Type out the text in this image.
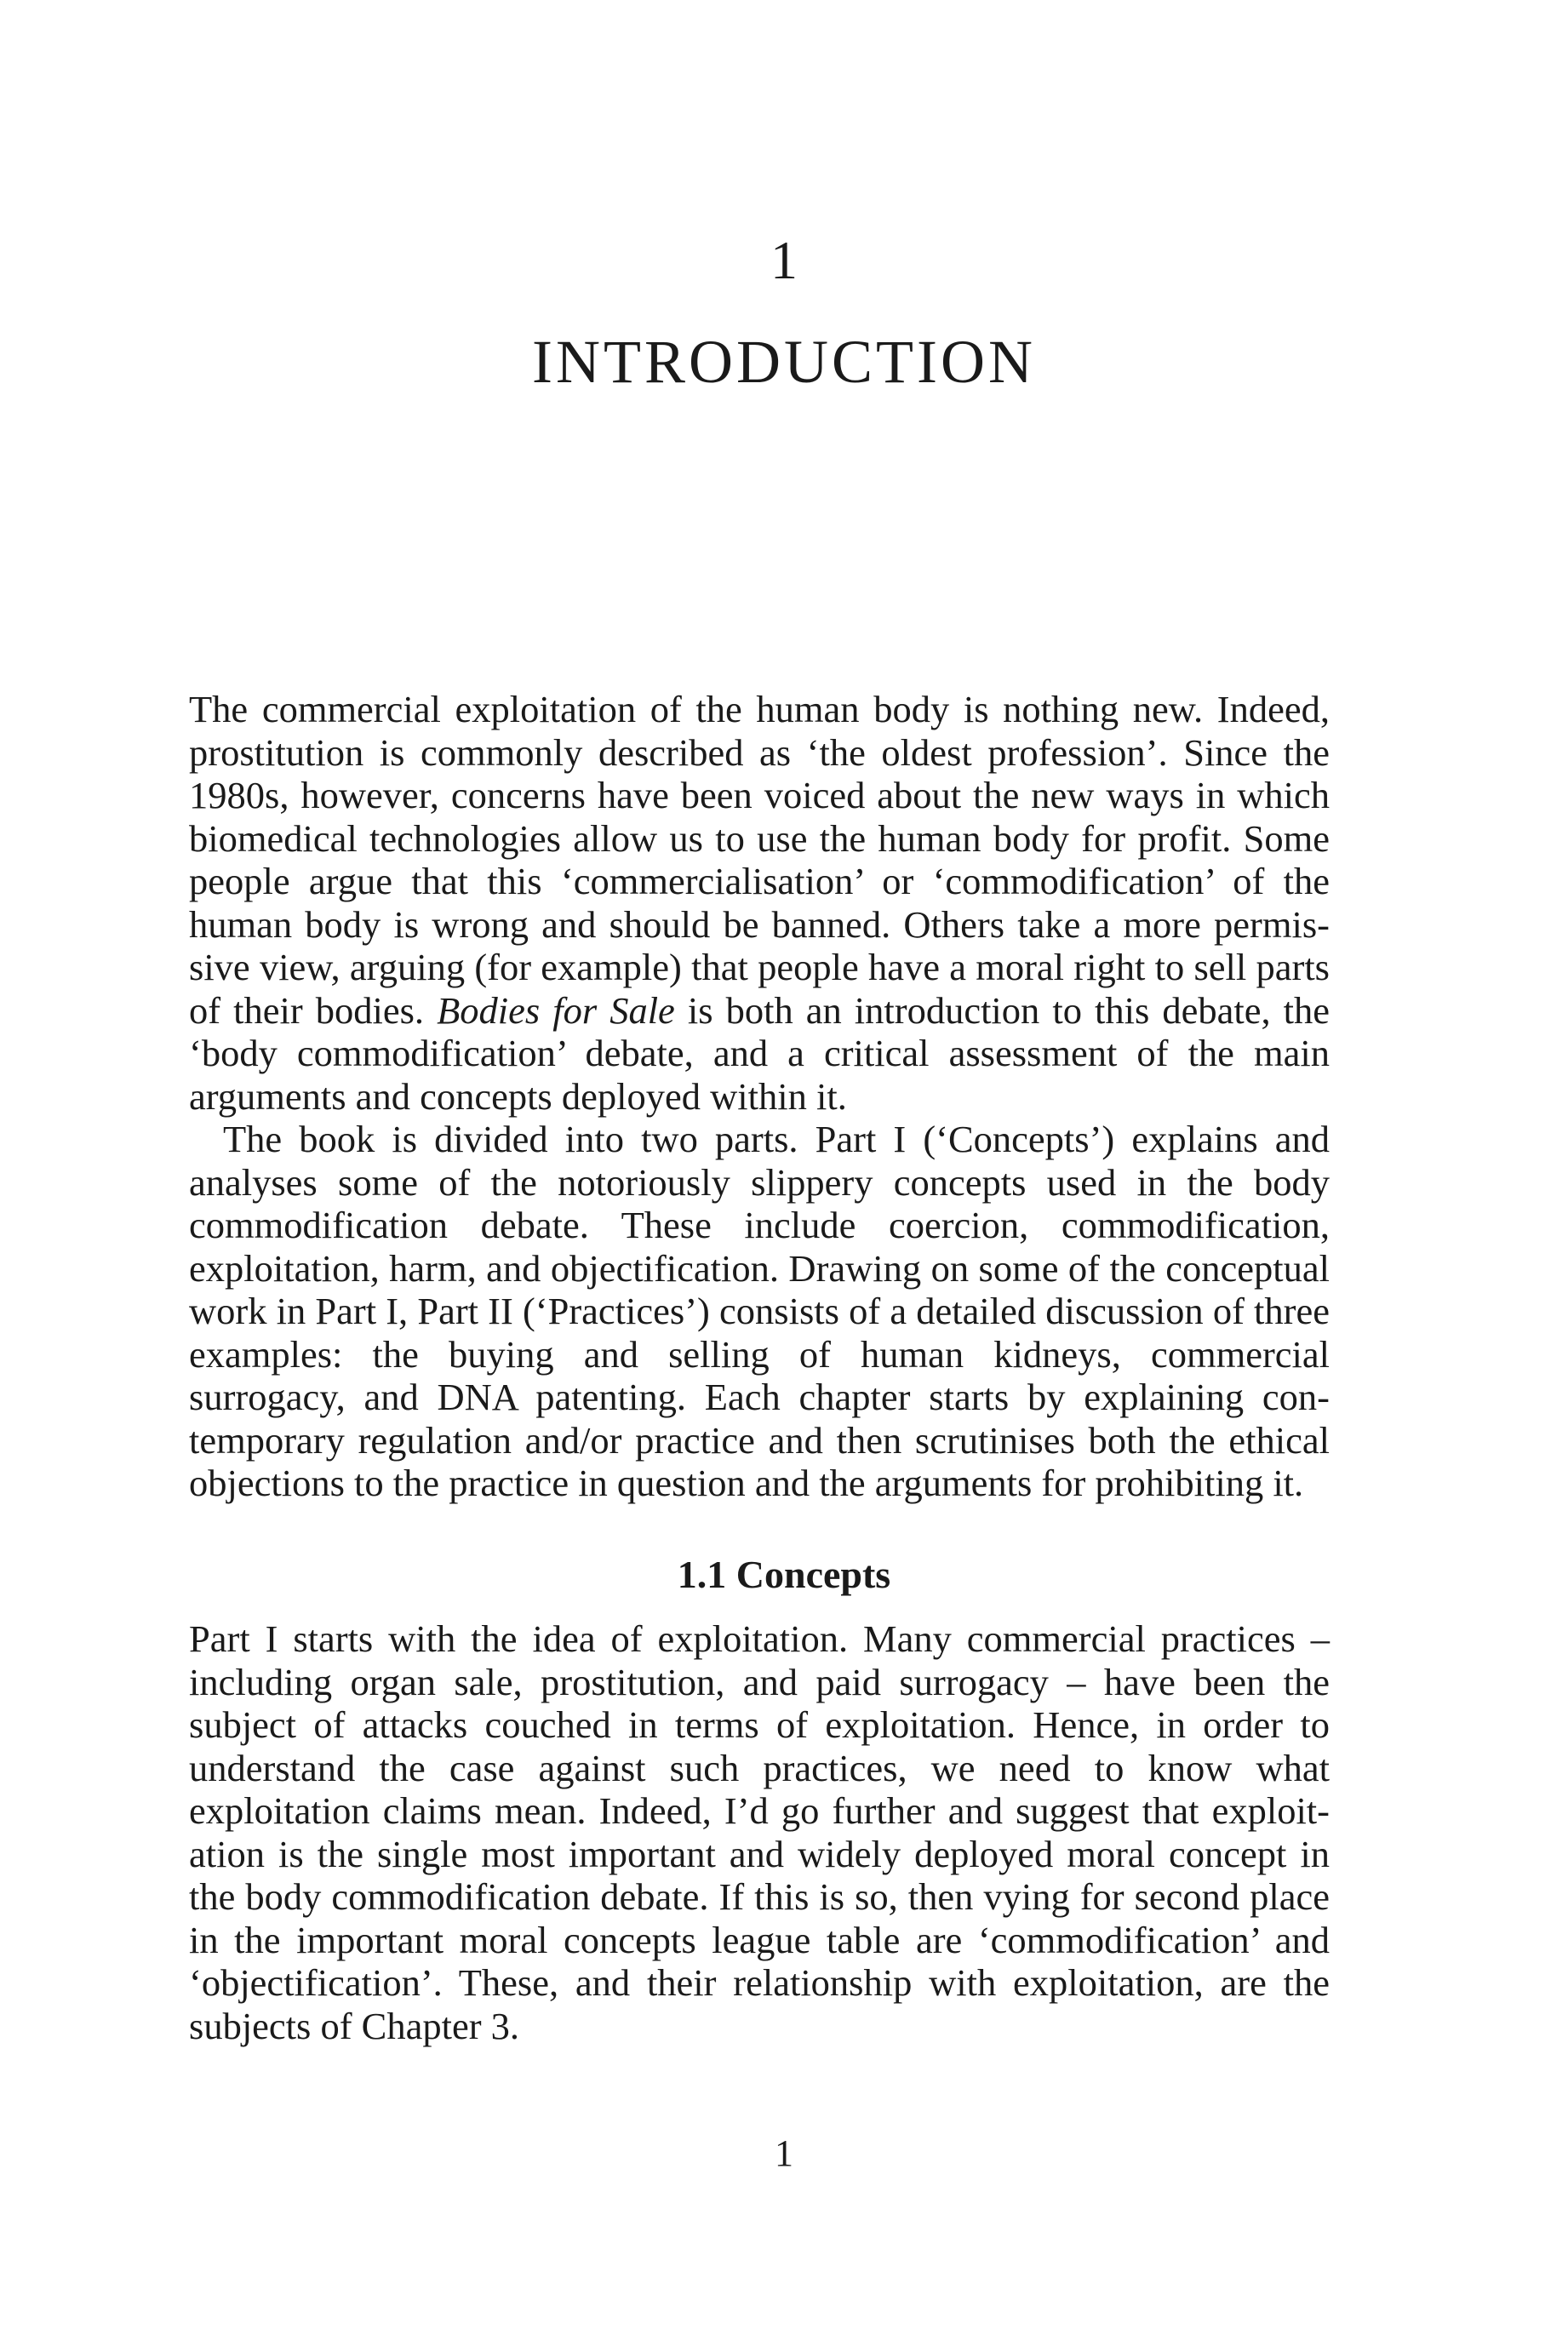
1
INTRODUCTION

The commercial exploitation of the human body is nothing new. Indeed, prostitution is commonly described as ‘the oldest profession’. Since the 1980s, however, concerns have been voiced about the new ways in which biomedical technologies allow us to use the human body for profit. Some people argue that this ‘commercialisation’ or ‘commodification’ of the human body is wrong and should be banned. Others take a more permissive view, arguing (for example) that people have a moral right to sell parts of their bodies. Bodies for Sale is both an introduction to this debate, the ‘body commodification’ debate, and a critical assessment of the main arguments and concepts deployed within it.

The book is divided into two parts. Part I (‘Concepts’) explains and analyses some of the notoriously slippery concepts used in the body commodification debate. These include coercion, commodification, exploitation, harm, and objectification. Drawing on some of the conceptual work in Part I, Part II (‘Practices’) consists of a detailed discussion of three examples: the buying and selling of human kidneys, commercial surrogacy, and DNA patenting. Each chapter starts by explaining contemporary regulation and/or practice and then scrutinises both the ethical objections to the practice in question and the arguments for prohibiting it.

1.1 Concepts

Part I starts with the idea of exploitation. Many commercial practices – including organ sale, prostitution, and paid surrogacy – have been the subject of attacks couched in terms of exploitation. Hence, in order to understand the case against such practices, we need to know what exploitation claims mean. Indeed, I’d go further and suggest that exploitation is the single most important and widely deployed moral concept in the body commodification debate. If this is so, then vying for second place in the important moral concepts league table are ‘commodification’ and ‘objectification’. These, and their relationship with exploitation, are the subjects of Chapter 3.

1
